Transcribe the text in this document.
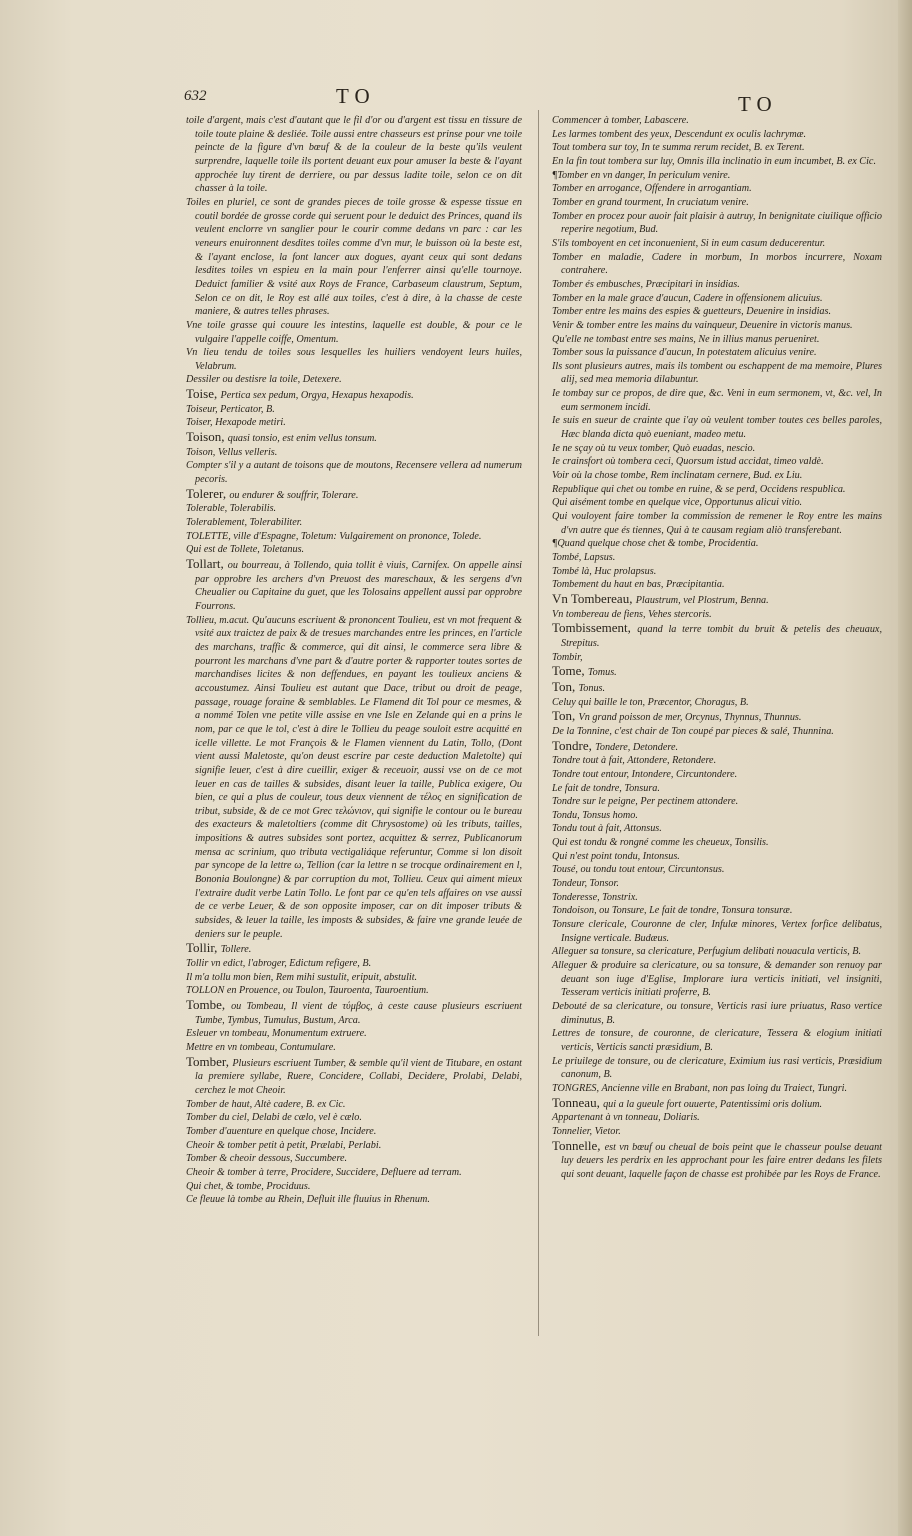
632	TO	TO

toile d'argent, mais c'est d'autant que le fil d'or ou d'argent est tissu en tissure de toile toute plaine & desliée. Toile aussi entre chasseurs est prinse pour vne toile peincte de la figure d'vn bœuf & de la couleur de la beste qu'ils veulent surprendre, laquelle toile ils portent deuant eux pour amuser la beste & l'ayant approchée luy tirent de derriere, ou par dessus ladite toile, selon ce on dit chasser à la toile.

Toiles en pluriel, ce sont de grandes pieces de toile grosse & espesse tissue en coutil bordée de grosse corde qui seruent pour le deduict des Princes, quand ils veulent enclorre vn sanglier pour le courir comme dedans vn parc : car les veneurs enuironnent desdites toiles comme d'vn mur, le buisson où la beste est, & l'ayant enclose, la font lancer aux dogues, ayant ceux qui sont dedans lesdites toiles vn espieu en la main pour l'enferrer ainsi qu'elle tournoye. Deduict familier & vsité aux Roys de France, Carbaseum claustrum, Septum, Selon ce on dit, le Roy est allé aux toiles, c'est à dire, à la chasse de ceste maniere, & autres telles phrases.

Vne toile grasse qui couure les intestins, laquelle est double, & pour ce le vulgaire l'appelle coiffe, Omentum.

Vn lieu tendu de toiles sous lesquelles les huiliers vendoyent leurs huiles, Velabrum.

Dessiler ou destisre la toile, Detexere.

Toise, Pertica sex pedum, Orgya, Hexapus hexapodis.

Toiseur, Perticator, B.

Toiser, Hexapode metiri.

Toison, quasi tonsio, est enim vellus tonsum.

Toison, Vellus velleris.

Compter s'il y a autant de toisons que de moutons, Recensere vellera ad numerum pecoris.

Tolerer, ou endurer & souffrir, Tolerare.

Tolerable, Tolerabilis.

Tolerablement, Tolerabiliter.

TOLETTE, ville d'Espagne, Toletum: Vulgairement on prononce, Tolede.

Qui est de Tollete, Toletanus.

Tollart, ou bourreau, à Tollendo, quia tollit è viuis, Carnifex. On appelle ainsi par opprobre les archers d'vn Preuost des mareschaux, & les sergens d'vn Cheualier ou Capitaine du guet, que les Tolosains appellent aussi par opprobre Fourrons.

Tollieu, m.acut. Qu'aucuns escriuent & prononcent Toulieu, est vn mot frequent & vsité aux traictez de paix & de tresues marchandes entre les princes, en l'article des marchans, traffic & commerce, qui dit ainsi, le commerce sera libre & pourront les marchans d'vne part & d'autre porter & rapporter toutes sortes de marchandises licites & non deffendues, en payant les toulieux anciens & accoustumez. Ainsi Toulieu est autant que Dace, tribut ou droit de peage, passage, rouage foraine & semblables. Le Flamend dit Tol pour ce mesmes, & a nommé Tolen vne petite ville assise en vne Isle en Zelande qui en a prins le nom, par ce que le tol, c'est à dire le Tollieu du peage souloit estre acquitté en icelle villette. Le mot François & le Flamen viennent du Latin, Tollo, (Dont vient aussi Maletoste, qu'on deust escrire par ceste deduction Maletolte) qui signifie leuer, c'est à dire cueillir, exiger & receuoir, aussi vse on de ce mot leuer en cas de tailles & subsides, disant leuer la taille, Publica exigere, Ou bien, ce qui a plus de couleur, tous deux viennent de τέλος en signification de tribut, subside, & de ce mot Grec τελώνιον, qui signifie le contour ou le bureau des exacteurs & maletoltiers (comme dit Chrysostome) où les tributs, tailles, impositions & autres subsides sont portez, acquittez & serrez, Publicanorum mensa ac scrinium, quo tributa vectigaliáque referuntur, Comme si lon disoit par syncope de la lettre ω, Tellion (car la lettre n se trocque ordinairement en l, Bononia Boulongne) & par corruption du mot, Tollieu. Ceux qui aiment mieux l'extraire dudit verbe Latin Tollo. Le font par ce qu'en tels affaires on vse aussi de ce verbe Leuer, & de son opposite imposer, car on dit imposer tributs & subsides, & leuer la taille, les imposts & subsides, & faire vne grande leuée de deniers sur le peuple.

Tollir, Tollere.

Tollir vn edict, l'abroger, Edictum refigere, B.

Il m'a tollu mon bien, Rem mihi sustulit, eripuit, abstulit.

TOLLON en Prouence, ou Toulon, Tauroenta, Tauroentium.

Tombe, ou Tombeau, Il vient de τύμβος, à ceste cause plusieurs escriuent Tumbe, Tymbus, Tumulus, Bustum, Arca.

Esleuer vn tombeau, Monumentum extruere.

Mettre en vn tombeau, Contumulare.

Tomber, Plusieurs escriuent Tumber, & semble qu'il vient de Titubare, en ostant la premiere syllabe, Ruere, Concidere, Collabi, Decidere, Prolabi, Delabi, cerchez le mot Cheoir.

Tomber de haut, Altè cadere, B. ex Cic.

Tomber du ciel, Delabi de cælo, vel è cælo.

Tomber d'auenture en quelque chose, Incidere.

Cheoir & tomber petit à petit, Prælabi, Perlabi.

Tomber & cheoir dessous, Succumbere.

Cheoir & tomber à terre, Procidere, Succidere, Defluere ad terram.

Qui chet, & tombe, Prociduus.

Ce fleuue là tombe au Rhein, Defluit ille fluuius in Rhenum.

Commencer à tomber, Labascere.

Les larmes tombent des yeux, Descendunt ex oculis lachrymæ.

Tout tombera sur toy, In te summa rerum recidet, B. ex Terent.

En la fin tout tombera sur luy, Omnis illa inclinatio in eum incumbet, B. ex Cic.

¶Tomber en vn danger, In periculum venire.

Tomber en arrogance, Offendere in arrogantiam.

Tomber en grand tourment, In cruciatum venire.

Tomber en procez pour auoir fait plaisir à autruy, In benignitate ciuilique officio reperire negotium, Bud.

S'ils tomboyent en cet inconuenient, Si in eum casum deducerentur.

Tomber en maladie, Cadere in morbum, In morbos incurrere, Noxam contrahere.

Tomber és embusches, Præcipitari in insidias.

Tomber en la male grace d'aucun, Cadere in offensionem alicuius.

Tomber entre les mains des espies & guetteurs, Deuenire in insidias.

Venir & tomber entre les mains du vainqueur, Deuenire in victoris manus.

Qu'elle ne tombast entre ses mains, Ne in illius manus perueniret.

Tomber sous la puissance d'aucun, In potestatem alicuius venire.

Ils sont plusieurs autres, mais ils tombent ou eschappent de ma memoire, Plures alij, sed mea memoria dilabuntur.

Ie tombay sur ce propos, de dire que, &c. Veni in eum sermonem, vt, &c. vel, In eum sermonem incidi.

Ie suis en sueur de crainte que i'ay où veulent tomber toutes ces belles paroles, Hæc blanda dicta quò eueniant, madeo metu.

Ie ne sçay où tu veux tomber, Quò euadas, nescio.

Ie crainsfort où tombera ceci, Quorsum istud accidat, timeo valdè.

Voir où la chose tombe, Rem inclinatam cernere, Bud. ex Liu.

Republique qui chet ou tombe en ruine, & se perd, Occidens respublica.

Qui aisément tombe en quelque vice, Opportunus alicui vitio.

Qui vouloyent faire tomber la commission de remener le Roy entre les mains d'vn autre que és tiennes, Qui à te causam regiam aliò transferebant.

¶Quand quelque chose chet & tombe, Procidentia.

Tombé, Lapsus.

Tombé là, Huc prolapsus.

Tombement du haut en bas, Præcipitantia.

Vn Tombereau, Plaustrum, vel Plostrum, Benna.

Vn tombereau de fiens, Vehes stercoris.

Tombissement, quand la terre tombit du bruit & petelis des cheuaux, Strepitus.

Tombir,

Tome, Tomus.

Ton, Tonus.

Celuy qui baille le ton, Præcentor, Choragus, B.

Ton, Vn grand poisson de mer, Orcynus, Thynnus, Thunnus.

De la Tonnine, c'est chair de Ton coupé par pieces & salé, Thunnina.

Tondre, Tondere, Detondere.

Tondre tout à fait, Attondere, Retondere.

Tondre tout entour, Intondere, Circuntondere.

Le fait de tondre, Tonsura.

Tondre sur le peigne, Per pectinem attondere.

Tondu, Tonsus homo.

Tondu tout à fait, Attonsus.

Qui est tondu & rongné comme les cheueux, Tonsilis.

Qui n'est point tondu, Intonsus.

Tousé, ou tondu tout entour, Circuntonsus.

Tondeur, Tonsor.

Tonderesse, Tonstrix.

Tondoison, ou Tonsure, Le fait de tondre, Tonsura tonsuræ.

Tonsure clericale, Couronne de cler, Infulæ minores, Vertex forfice delibatus, Insigne verticale. Budæus.

Alleguer sa tonsure, sa clericature, Perfugium delibati nouacula verticis, B.

Alleguer & produire sa clericature, ou sa tonsure, & demander son renuoy par deuant son iuge d'Eglise, Implorare iura verticis initiati, vel insigniti, Tesseram verticis initiati proferre, B.

Debouté de sa clericature, ou tonsure, Verticis rasi iure priuatus, Raso vertice diminutus, B.

Lettres de tonsure, de couronne, de clericature, Tessera & elogium initiati verticis, Verticis sancti præsidium, B.

Le priuilege de tonsure, ou de clericature, Eximium ius rasi verticis, Præsidium canonum, B.

TONGRES, Ancienne ville en Brabant, non pas loing du Traiect, Tungri.

Tonneau, qui a la gueule fort ouuerte, Patentissimi oris dolium.

Appartenant à vn tonneau, Doliaris.

Tonnelier, Vietor.

Tonnelle, est vn bœuf ou cheual de bois peint que le chasseur poulse deuant luy deuers les perdrix en les approchant pour les faire entrer dedans les filets qui sont deuant, laquelle façon de chasse est prohibée par les Roys de France.
